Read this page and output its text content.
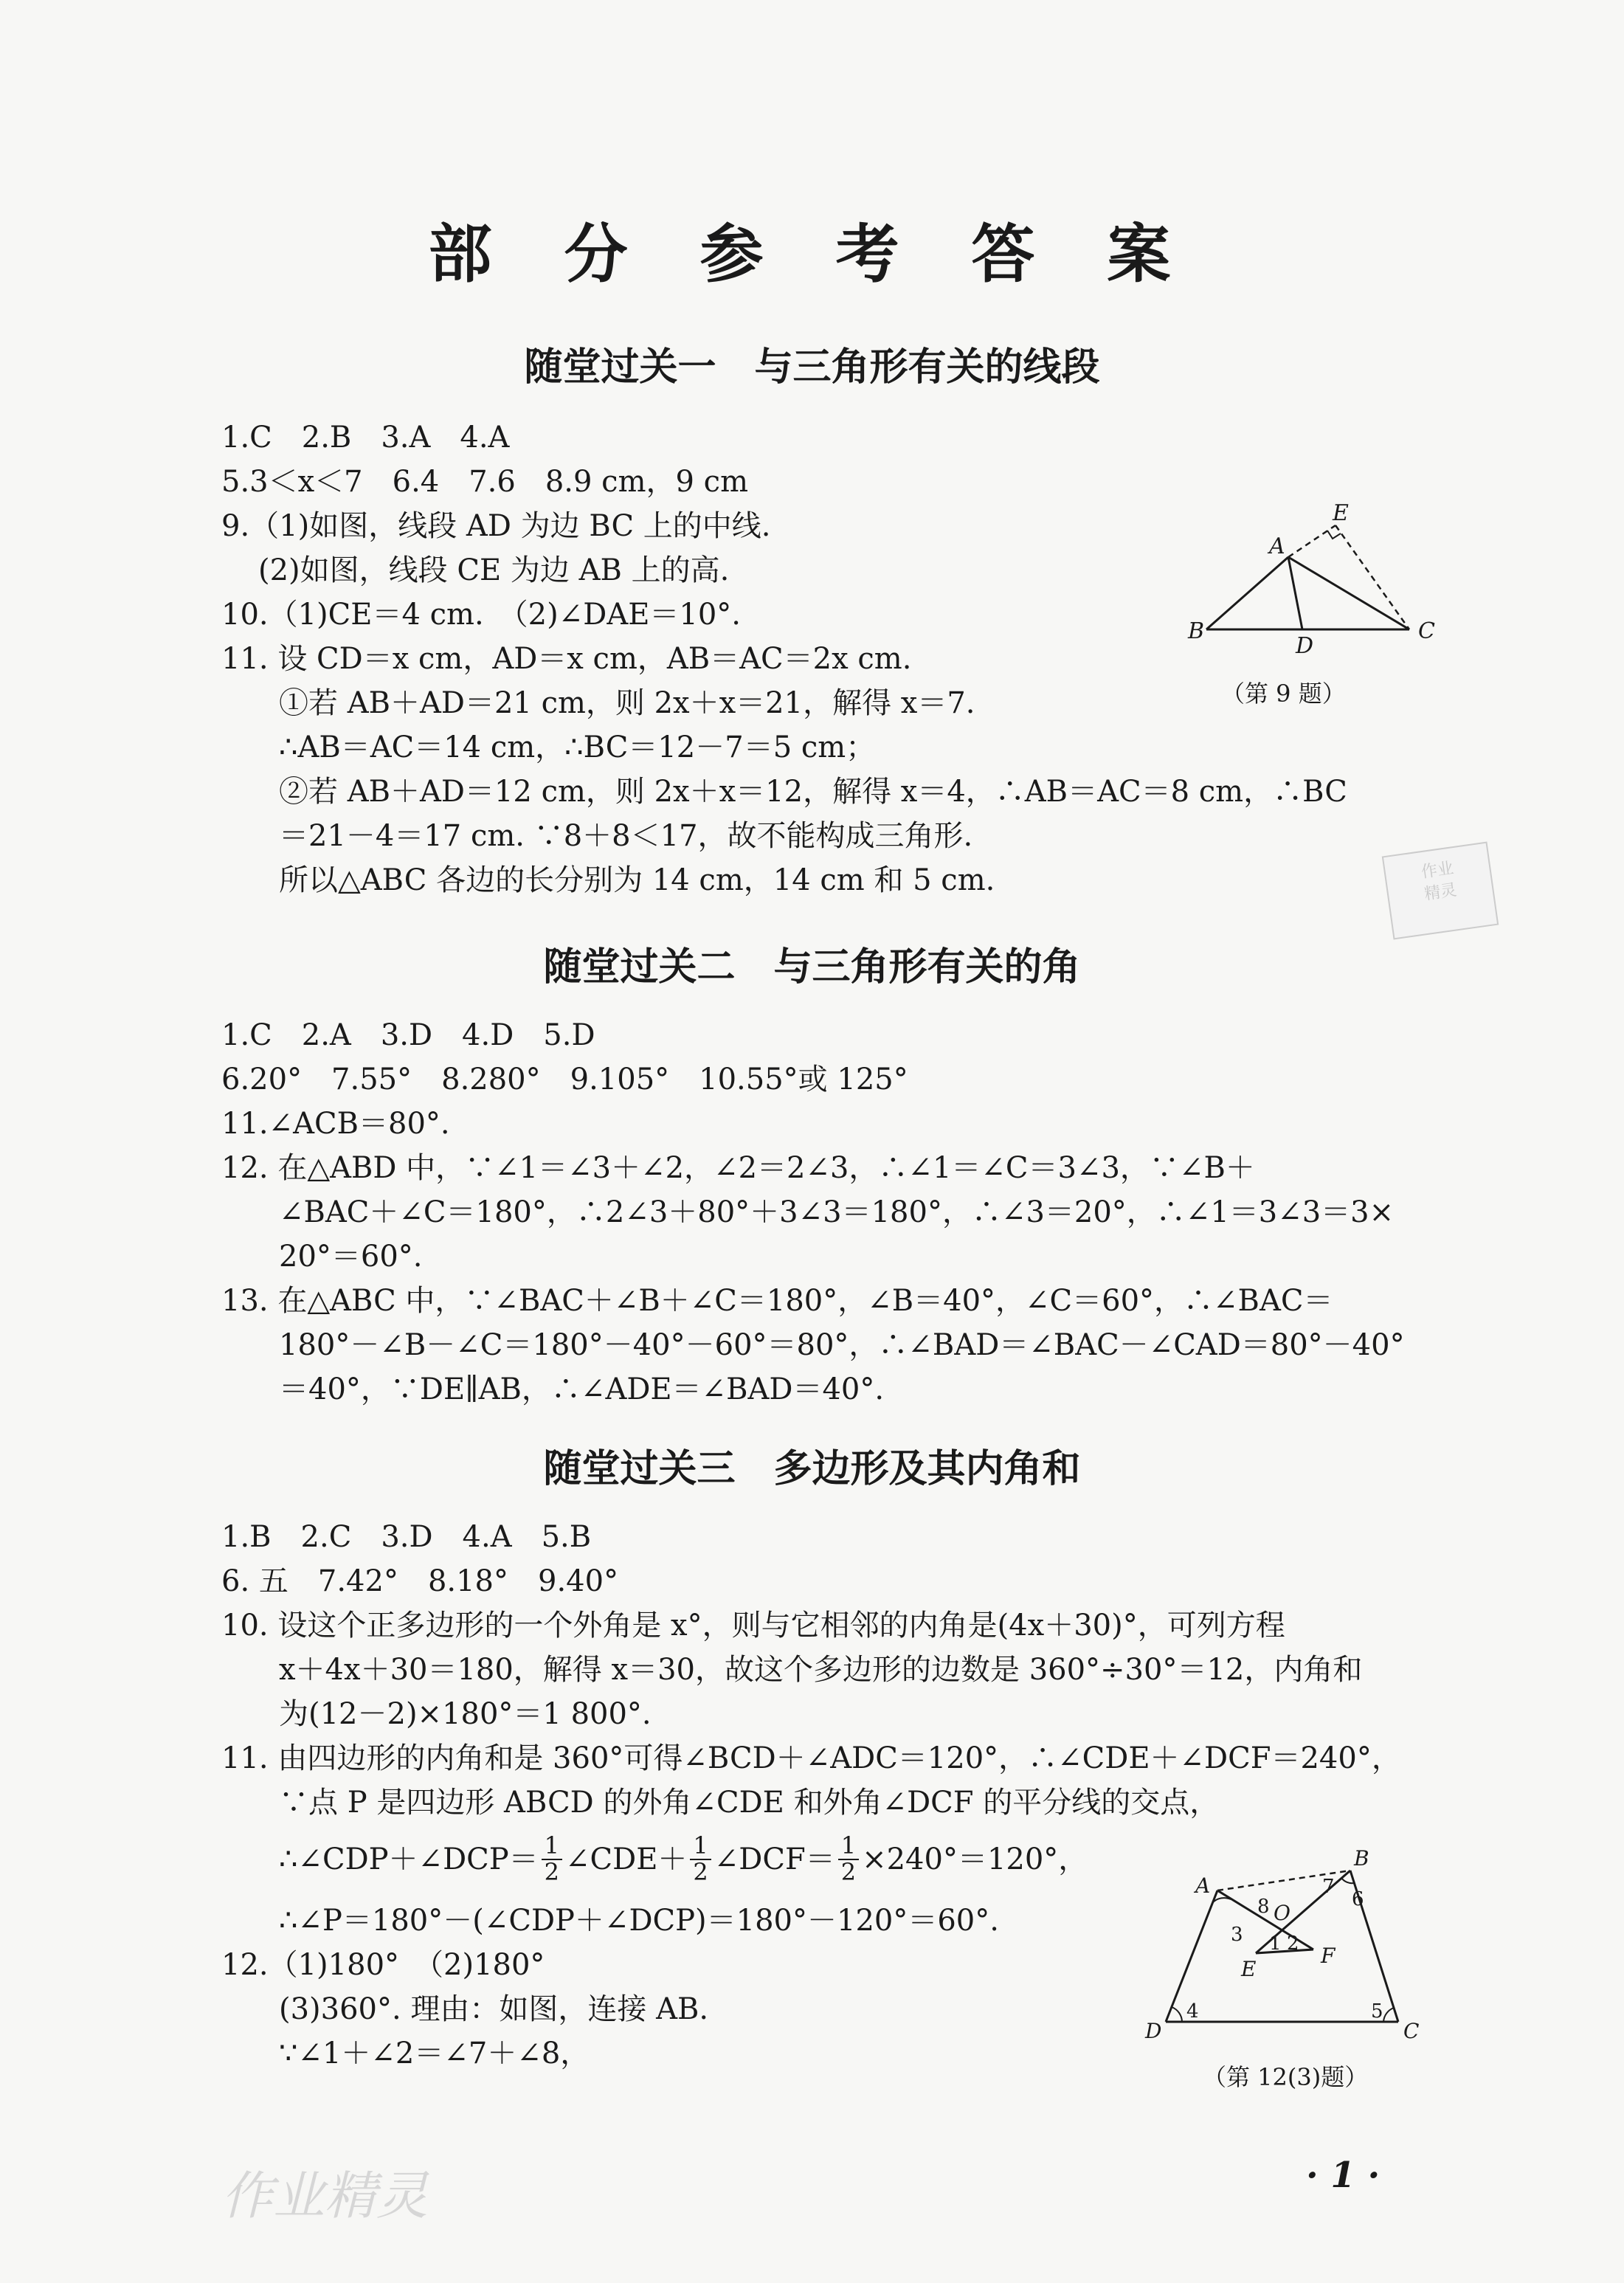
部 分 参 考 答 案
随堂过关一　与三角形有关的线段
1.C　2.B　3.A　4.A
5.3＜x＜7　6.4　7.6　8.9 cm，9 cm
9.（1)如图，线段 AD 为边 BC 上的中线.
(2)如图，线段 CE 为边 AB 上的高.
10.（1)CE＝4 cm.　（2)∠DAE＝10°.
11. 设 CD＝x cm，AD＝x cm，AB＝AC＝2x cm.
①若 AB＋AD＝21 cm，则 2x＋x＝21，解得 x＝7.
∴AB＝AC＝14 cm，∴BC＝12－7＝5 cm；
②若 AB＋AD＝12 cm，则 2x＋x＝12，解得 x＝4，∴AB＝AC＝8 cm，∴BC
＝21－4＝17 cm. ∵8＋8＜17，故不能构成三角形.
所以△ABC 各边的长分别为 14 cm，14 cm 和 5 cm.
B	C
D
A
E
（第 9 题）
作业
精灵
随堂过关二　与三角形有关的角
1.C　2.A　3.D　4.D　5.D
6.20°　7.55°　8.280°　9.105°　10.55°或 125°
11.∠ACB＝80°.
12. 在△ABD 中，∵∠1＝∠3＋∠2，∠2＝2∠3，∴∠1＝∠C＝3∠3，∵∠B＋
∠BAC＋∠C＝180°，∴2∠3＋80°＋3∠3＝180°，∴∠3＝20°，∴∠1＝3∠3＝3×
20°＝60°.
13. 在△ABC 中，∵∠BAC＋∠B＋∠C＝180°，∠B＝40°，∠C＝60°，∴∠BAC＝
180°－∠B－∠C＝180°－40°－60°＝80°，∴∠BAD＝∠BAC－∠CAD＝80°－40°
＝40°，∵DE∥AB，∴∠ADE＝∠BAD＝40°.
随堂过关三　多边形及其内角和
1.B　2.C　3.D　4.A　5.B
6. 五　7.42°　8.18°　9.40°
10. 设这个正多边形的一个外角是 x°，则与它相邻的内角是(4x＋30)°，可列方程
x＋4x＋30＝180，解得 x＝30，故这个多边形的边数是 360°÷30°＝12，内角和
为(12－2)×180°＝1 800°.
11. 由四边形的内角和是 360°可得∠BCD＋∠ADC＝120°，∴∠CDE＋∠DCF＝240°，
∵点 P 是四边形 ABCD 的外角∠CDE 和外角∠DCF 的平分线的交点，
∴∠CDP＋∠DCP＝ $\frac{1}{2}$ ∠CDE＋ $\frac{1}{2}$ ∠DCF＝ $\frac{1}{2} \times 240^\circ=120^\circ$，
∴∠P＝180°－(∠CDP＋∠DCP)＝180°－120°＝60°.
12.（1)180°　（2)180°
(3)360°. 理由：如图，连接 AB.
∵∠1＋∠2＝∠7＋∠8，
A
B
C
D
E
F
O
1 2
3
4	5
6
7
8
（第 12(3)题）
· 1 ·
作业精灵
